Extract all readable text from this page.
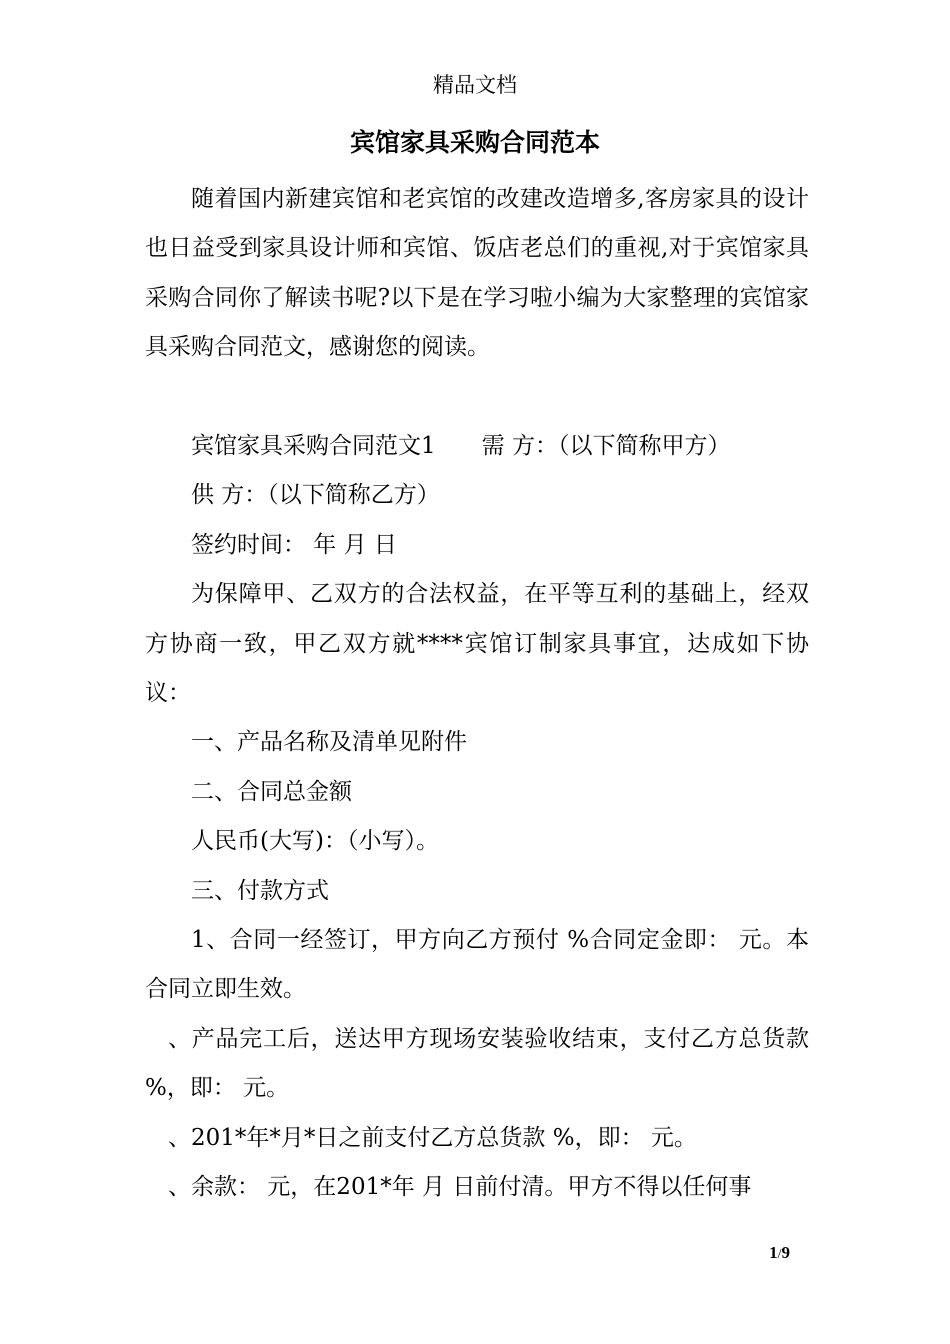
精品文档
宾馆家具采购合同范本

随着国内新建宾馆和老宾馆的改建改造增多,客房家具的设计也日益受到家具设计师和宾馆、饭店老总们的重视,对于宾馆家具采购合同你了解读书呢?以下是在学习啦小编为大家整理的宾馆家具采购合同范文，感谢您的阅读。

宾馆家具采购合同范文1　　需 方：（以下简称甲方）

供 方：（以下简称乙方）

签约时间： 年 月 日

为保障甲、乙双方的合法权益，在平等互利的基础上，经双方协商一致，甲乙双方就****宾馆订制家具事宜，达成如下协议：

一、产品名称及清单见附件

二、合同总金额

人民币(大写)：（小写）。

三、付款方式

1、合同一经签订，甲方向乙方预付 %合同定金即： 元。本合同立即生效。

、产品完工后，送达甲方现场安装验收结束，支付乙方总货款 %，即： 元。

、201*年*月*日之前支付乙方总货款 %，即： 元。

、余款： 元，在201*年 月 日前付清。甲方不得以任何事

1/9
